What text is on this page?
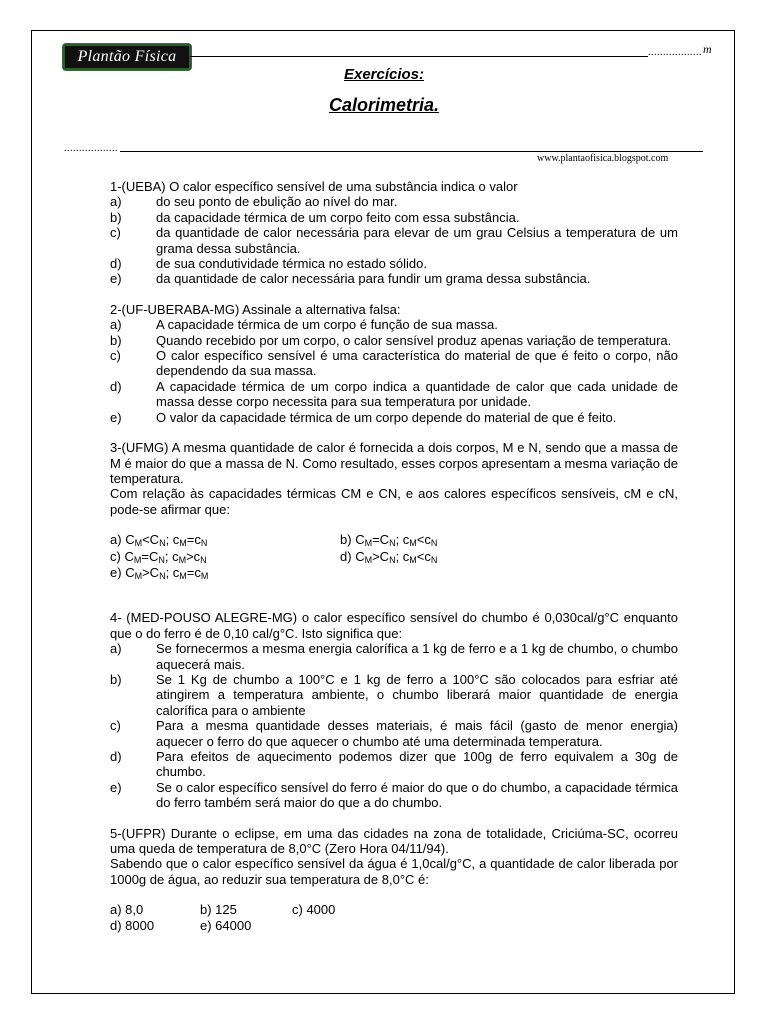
Plantão Física	.................. m
Exercícios:
Calorimetria.
..................
www.plantaofisica.blogspot.com

1-(UEBA) O calor específico sensível de uma substância indica o valor

a)	do seu ponto de ebulição ao nível do mar.
b)	da capacidade térmica de um corpo feito com essa substância.
c)	da quantidade de calor necessária para elevar de um grau Celsius a temperatura de um grama dessa substância.
d)	de sua condutividade térmica no estado sólido.
e)	da quantidade de calor necessária para fundir um grama dessa substância.

2-(UF-UBERABA-MG) Assinale a alternativa falsa:

a)	A capacidade térmica de um corpo é função de sua massa.
b)	Quando recebido por um corpo, o calor sensível produz apenas variação de temperatura.
c)	O calor específico sensível é uma característica do material de que é feito o corpo, não dependendo da sua massa.
d)	A capacidade térmica de um corpo indica a quantidade de calor que cada unidade de massa desse corpo necessita para sua temperatura por unidade.
e)	O valor da capacidade térmica de um corpo depende do material de que é feito.

3-(UFMG) A mesma quantidade de calor é fornecida a dois corpos, M e N, sendo que a massa de M é maior do que a massa de N. Como resultado, esses corpos apresentam a mesma variação de temperatura.

Com relação às capacidades térmicas CM e CN, e aos calores específicos sensíveis, cM e cN, pode-se afirmar que:

a) $C_M<C_N$; $c_M=c_N$	b) $C_M=C_N$; $c_M<c_N$
c) $C_M=C_N$; $c_M>c_N$	d) $C_M>C_N$; $c_M<c_N$
e) $C_M>C_N$; $c_M=c_M$

4- (MED-POUSO ALEGRE-MG) o calor específico sensível do chumbo é 0,030cal/g°C enquanto que o do ferro é de 0,10 cal/g°C. Isto significa que:

a)	Se fornecermos a mesma energia calorífica a 1 kg de ferro e a 1 kg de chumbo, o chumbo aquecerá mais.
b)	Se 1 Kg de chumbo a 100°C e 1 kg de ferro a 100°C são colocados para esfriar até atingirem a temperatura ambiente, o chumbo liberará maior quantidade de energia calorífica para o ambiente
c)	Para a mesma quantidade desses materiais, é mais fácil (gasto de menor energia) aquecer o ferro do que aquecer o chumbo até uma determinada temperatura.
d)	Para efeitos de aquecimento podemos dizer que 100g de ferro equivalem a 30g de chumbo.
e)	Se o calor específico sensível do ferro é maior do que o do chumbo, a capacidade térmica do ferro também será maior do que a do chumbo.

5-(UFPR) Durante o eclipse, em uma das cidades na zona de totalidade, Criciúma-SC, ocorreu uma queda de temperatura de 8,0°C (Zero Hora 04/11/94).

Sabendo que o calor específico sensível da água é 1,0cal/g°C, a quantidade de calor liberada por 1000g de água, ao reduzir sua temperatura de 8,0°C é:

a) 8,0	b) 125	c) 4000
d) 8000	e) 64000
